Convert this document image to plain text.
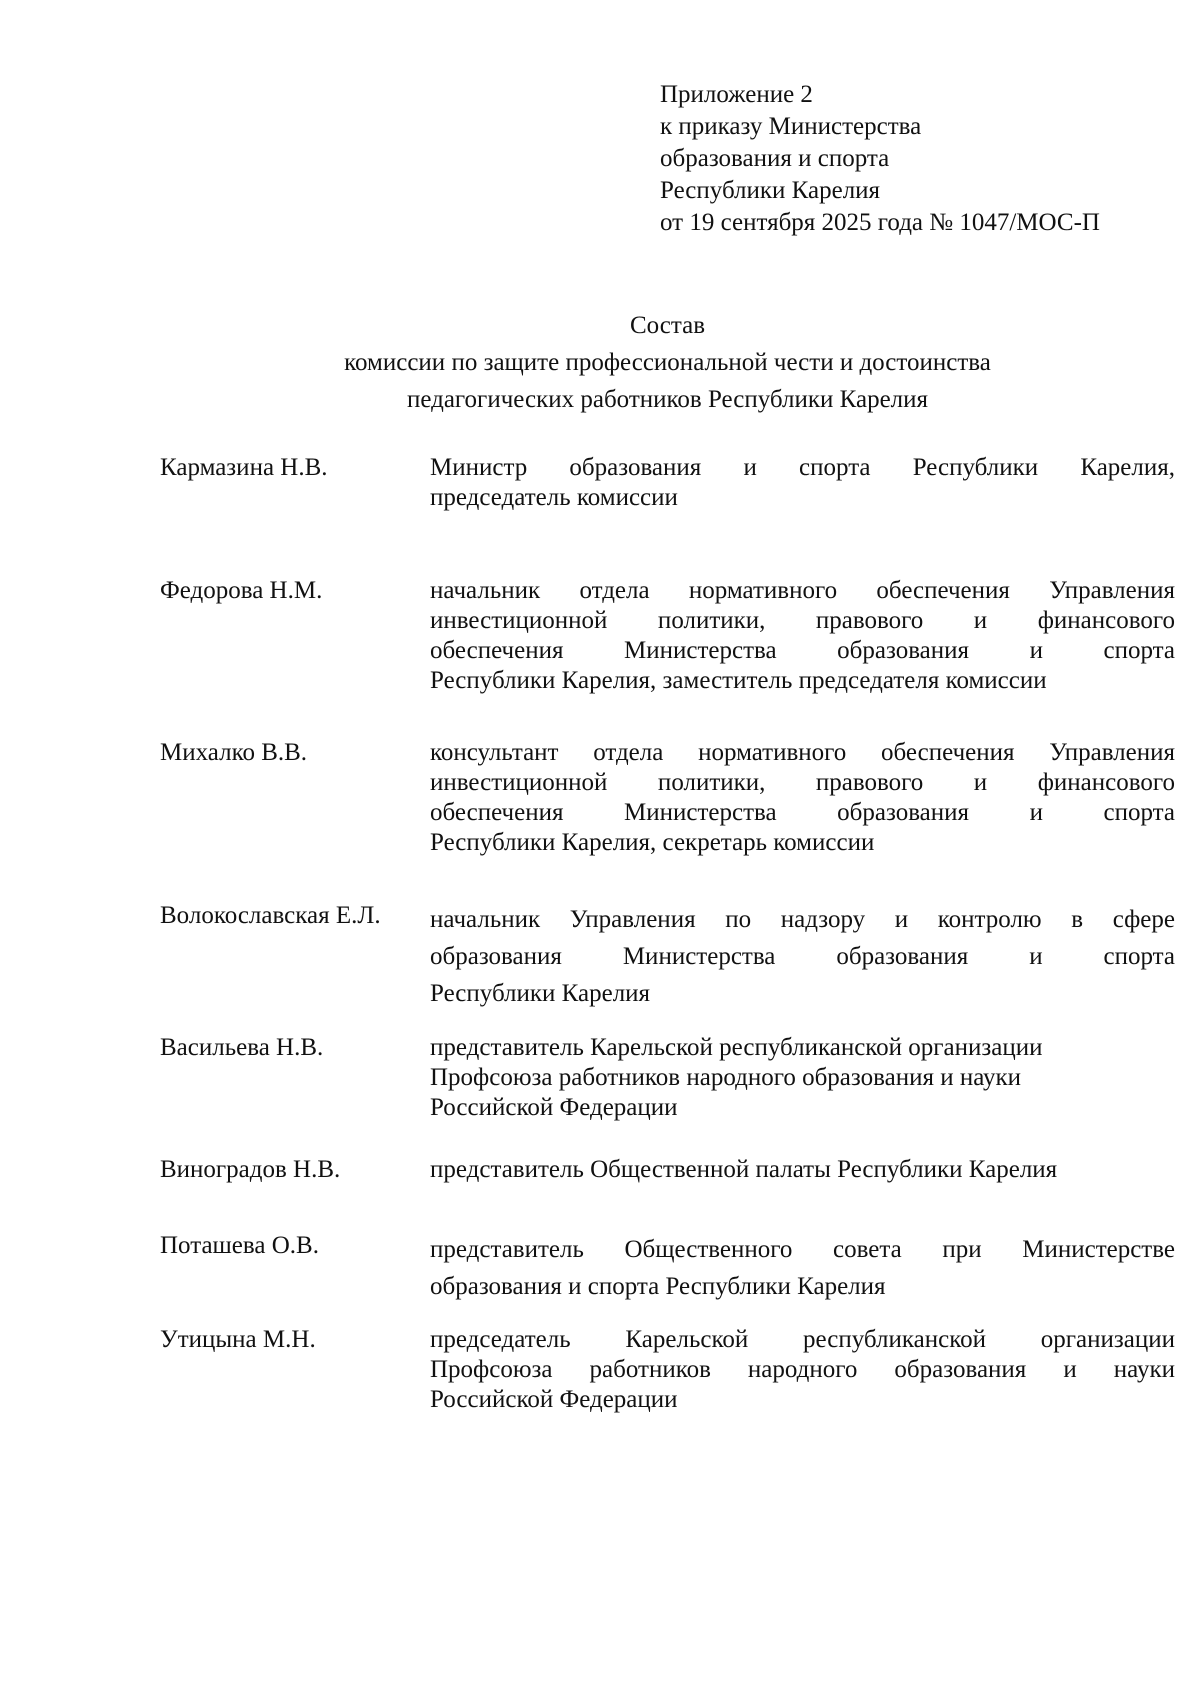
Приложение 2
к приказу Министерства
образования и спорта
Республики Карелия
от 19 сентября 2025 года № 1047/МОС-П
Состав
комиссии по защите профессиональной чести и достоинства
педагогических работников Республики Карелия
Кармазина Н.В.	Министр образования и спорта Республики Карелия,
председатель комиссии
Федорова Н.М.	начальник отдела нормативного обеспечения Управления
инвестиционной политики, правового и финансового
обеспечения Министерства образования и спорта
Республики Карелия, заместитель председателя комиссии
Михалко В.В.	консультант отдела нормативного обеспечения Управления
инвестиционной политики, правового и финансового
обеспечения Министерства образования и спорта
Республики Карелия, секретарь комиссии
Волокославская Е.Л.	начальник Управления по надзору и контролю в сфере
образования Министерства образования и спорта
Республики Карелия
Васильева Н.В.	представитель Карельской республиканской организации
Профсоюза работников народного образования и науки
Российской Федерации
Виноградов Н.В.	представитель Общественной палаты Республики Карелия
Поташева О.В.	представитель Общественного совета при Министерстве
образования и спорта Республики Карелия
Утицына М.Н.	председатель Карельской республиканской организации
Профсоюза работников народного образования и науки
Российской Федерации
